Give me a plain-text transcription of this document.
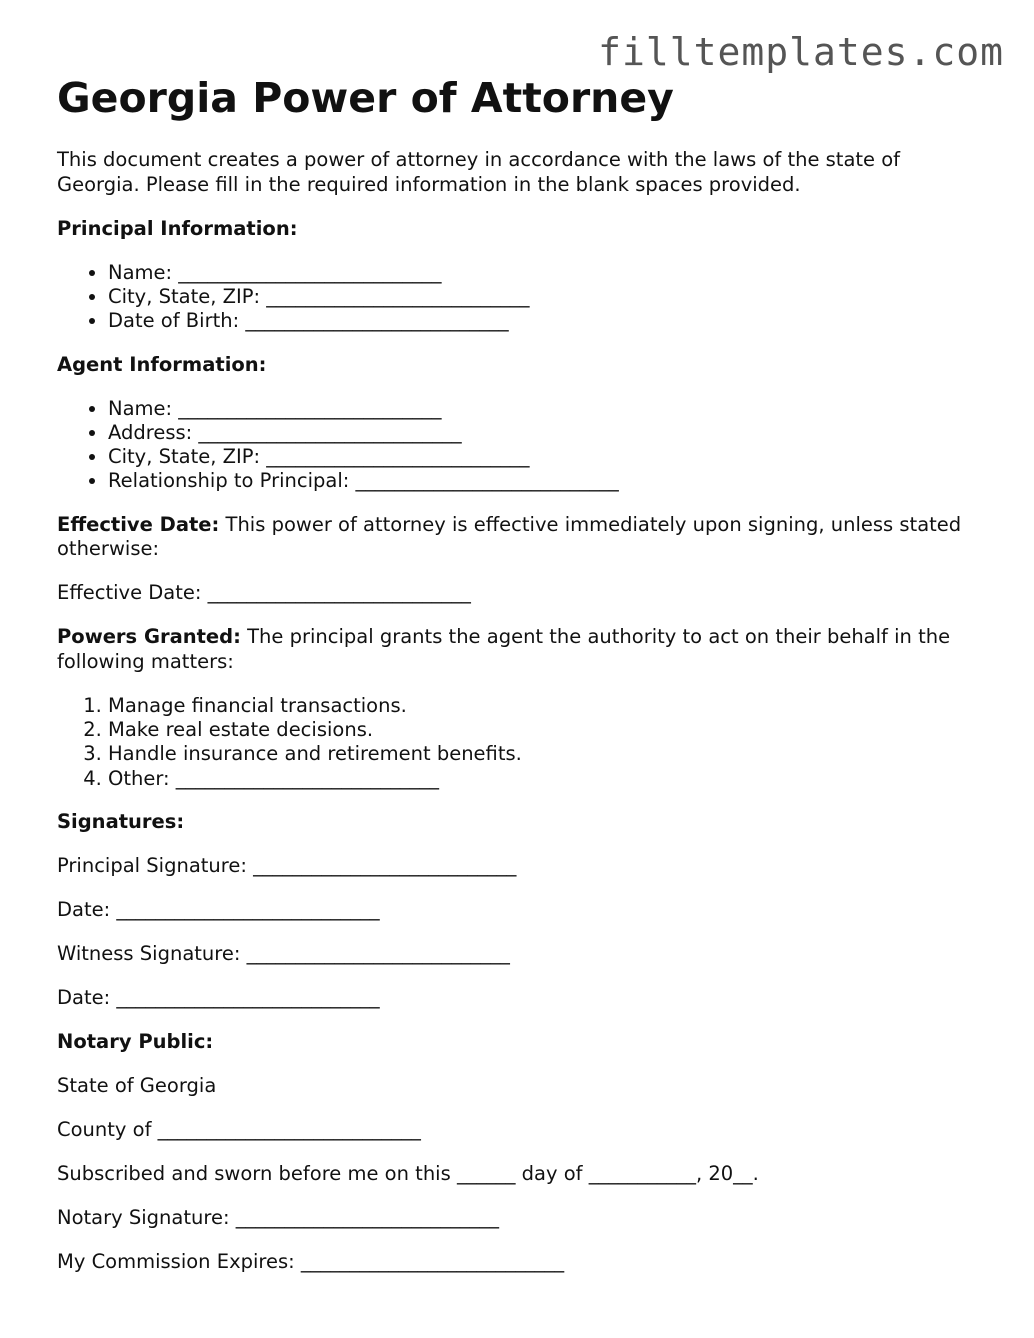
filltemplates.com
Georgia Power of Attorney

This document creates a power of attorney in accordance with the laws of the state of Georgia. Please fill in the required information in the blank spaces provided.

Principal Information:

• Name: ___________________________
• City, State, ZIP: ___________________________
• Date of Birth: ___________________________

Agent Information:

• Name: ___________________________
• Address: ___________________________
• City, State, ZIP: ___________________________
• Relationship to Principal: ___________________________

Effective Date: This power of attorney is effective immediately upon signing, unless stated otherwise:

Effective Date: ___________________________

Powers Granted: The principal grants the agent the authority to act on their behalf in the following matters:

1. Manage financial transactions.
2. Make real estate decisions.
3. Handle insurance and retirement benefits.
4. Other: ___________________________

Signatures:

Principal Signature: ___________________________

Date: ___________________________

Witness Signature: ___________________________

Date: ___________________________

Notary Public:

State of Georgia

County of ___________________________

Subscribed and sworn before me on this ______ day of ___________, 20__.

Notary Signature: ___________________________

My Commission Expires: ___________________________
